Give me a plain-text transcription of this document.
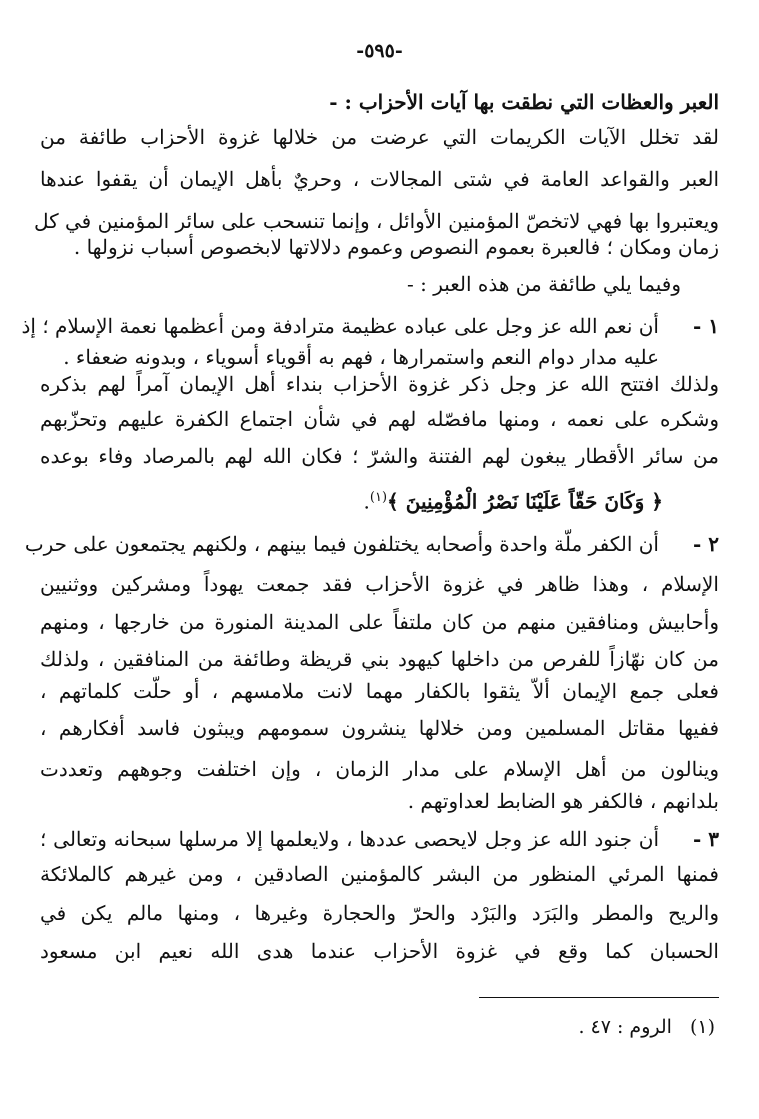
-٥٩٥-
العبر والعظات التي نطقت بها آيات الأحزاب : -
لقد تخلل الآيات الكريمات التي عرضت من خلالها غزوة الأحزاب طائفة من
العبر والقواعد العامة في شتى المجالات ، وحريٌ بأهل الإيمان أن يقفوا عندها
ويعتبروا بها فهي لاتخصّ المؤمنين الأوائل ، وإنما تنسحب على سائر المؤمنين في كل
زمان ومكان ؛ فالعبرة بعموم النصوص وعموم دلالاتها لابخصوص أسباب نزولها .
وفيما يلي طائفة من هذه العبر : -
١ -
أن نعم الله عز وجل على عباده عظيمة مترادفة ومن أعظمها نعمة الإسلام ؛ إذ
عليه مدار دوام النعم واستمرارها ، فهم به أقوياء أسوياء ، وبدونه ضعفاء .
ولذلك افتتح الله عز وجل ذكر غزوة الأحزاب بنداء أهل الإيمان آمراً لهم بذكره
وشكره على نعمه ، ومنها مافصّله لهم في شأن اجتماع الكفرة عليهم وتحزّبهم
من سائر الأقطار يبغون لهم الفتنة والشرّ ؛ فكان الله لهم بالمرصاد وفاء بوعده
﴿ وَكَانَ حَقّاً عَلَيْنَا نَصْرُ الْمُؤْمِنِينَ ﴾$^{(١)}$.
٢ -
أن الكفر ملّة واحدة وأصحابه يختلفون فيما بينهم ، ولكنهم يجتمعون على حرب
الإسلام ، وهذا ظاهر في غزوة الأحزاب فقد جمعت يهوداً ومشركين ووثنيين
وأحابيش ومنافقين منهم من كان ملتفاً على المدينة المنورة من خارجها ، ومنهم
من كان نهّازاً للفرص من داخلها كيهود بني قريظة وطائفة من المنافقين ، ولذلك
فعلى جمع الإيمان ألاّ يثقوا بالكفار مهما لانت ملامسهم ، أو حلّت كلماتهم ،
ففيها مقاتل المسلمين ومن خلالها ينشرون سمومهم ويبثون فاسد أفكارهم ،
وينالون من أهل الإسلام على مدار الزمان ، وإن اختلفت وجوههم وتعددت
بلدانهم ، فالكفر هو الضابط لعداوتهم .
٣ -
أن جنود الله عز وجل لايحصى عددها ، ولايعلمها إلا مرسلها سبحانه وتعالى ؛
فمنها المرئي المنظور من البشر كالمؤمنين الصادقين ، ومن غيرهم كالملائكة
والريح والمطر والبَرَد والبَرْد والحرّ والحجارة وغيرها ، ومنها مالم يكن في
الحسبان كما وقع في غزوة الأحزاب عندما هدى الله نعيم ابن مسعود
(١)الروم : ٤٧ .
